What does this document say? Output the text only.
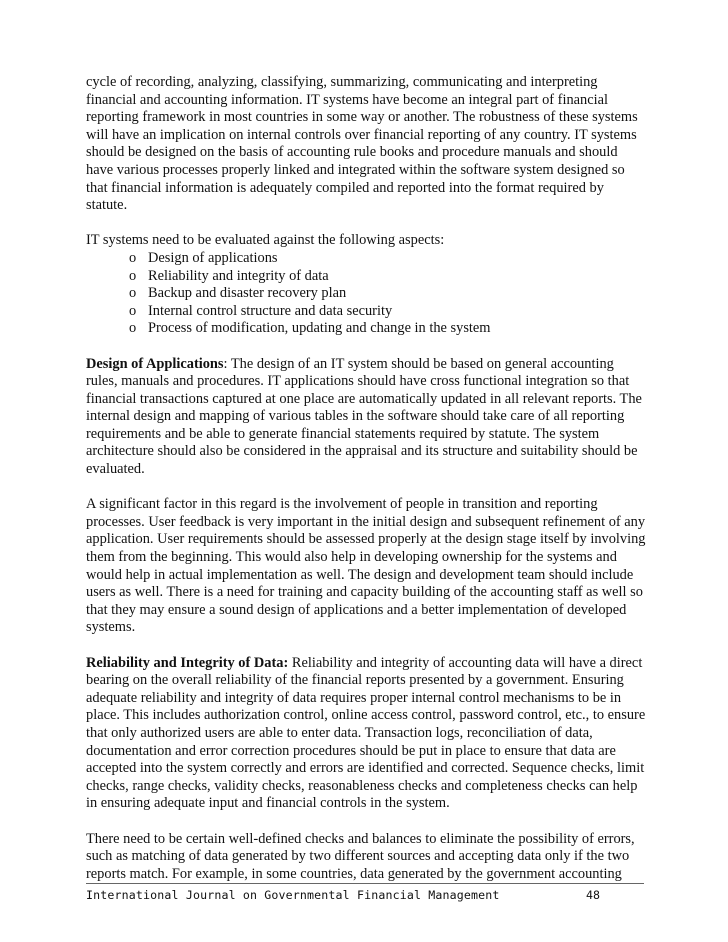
cycle of recording, analyzing, classifying, summarizing, communicating and interpreting financial and accounting information. IT systems have become an integral part of financial reporting framework in most countries in some way or another. The robustness of these systems will have an implication on internal controls over financial reporting of any country. IT systems should be designed on the basis of accounting rule books and procedure manuals and should have various processes properly linked and integrated within the software system designed so that financial information is adequately compiled and reported into the format required by statute.

IT systems need to be evaluated against the following aspects:

o Design of applications
o Reliability and integrity of data
o Backup and disaster recovery plan
o Internal control structure and data security
o Process of modification, updating and change in the system

Design of Applications: The design of an IT system should be based on general accounting rules, manuals and procedures. IT applications should have cross functional integration so that financial transactions captured at one place are automatically updated in all relevant reports. The internal design and mapping of various tables in the software should take care of all reporting requirements and be able to generate financial statements required by statute. The system architecture should also be considered in the appraisal and its structure and suitability should be evaluated.

A significant factor in this regard is the involvement of people in transition and reporting processes. User feedback is very important in the initial design and subsequent refinement of any application. User requirements should be assessed properly at the design stage itself by involving them from the beginning. This would also help in developing ownership for the systems and would help in actual implementation as well. The design and development team should include users as well. There is a need for training and capacity building of the accounting staff as well so that they may ensure a sound design of applications and a better implementation of developed systems.

Reliability and Integrity of Data: Reliability and integrity of accounting data will have a direct bearing on the overall reliability of the financial reports presented by a government. Ensuring adequate reliability and integrity of data requires proper internal control mechanisms to be in place. This includes authorization control, online access control, password control, etc., to ensure that only authorized users are able to enter data. Transaction logs, reconciliation of data, documentation and error correction procedures should be put in place to ensure that data are accepted into the system correctly and errors are identified and corrected. Sequence checks, limit checks, range checks, validity checks, reasonableness checks and completeness checks can help in ensuring adequate input and financial controls in the system.

There need to be certain well-defined checks and balances to eliminate the possibility of errors, such as matching of data generated by two different sources and accepting data only if the two reports match. For example, in some countries, data generated by the government accounting

International Journal on Governmental Financial Management	48
